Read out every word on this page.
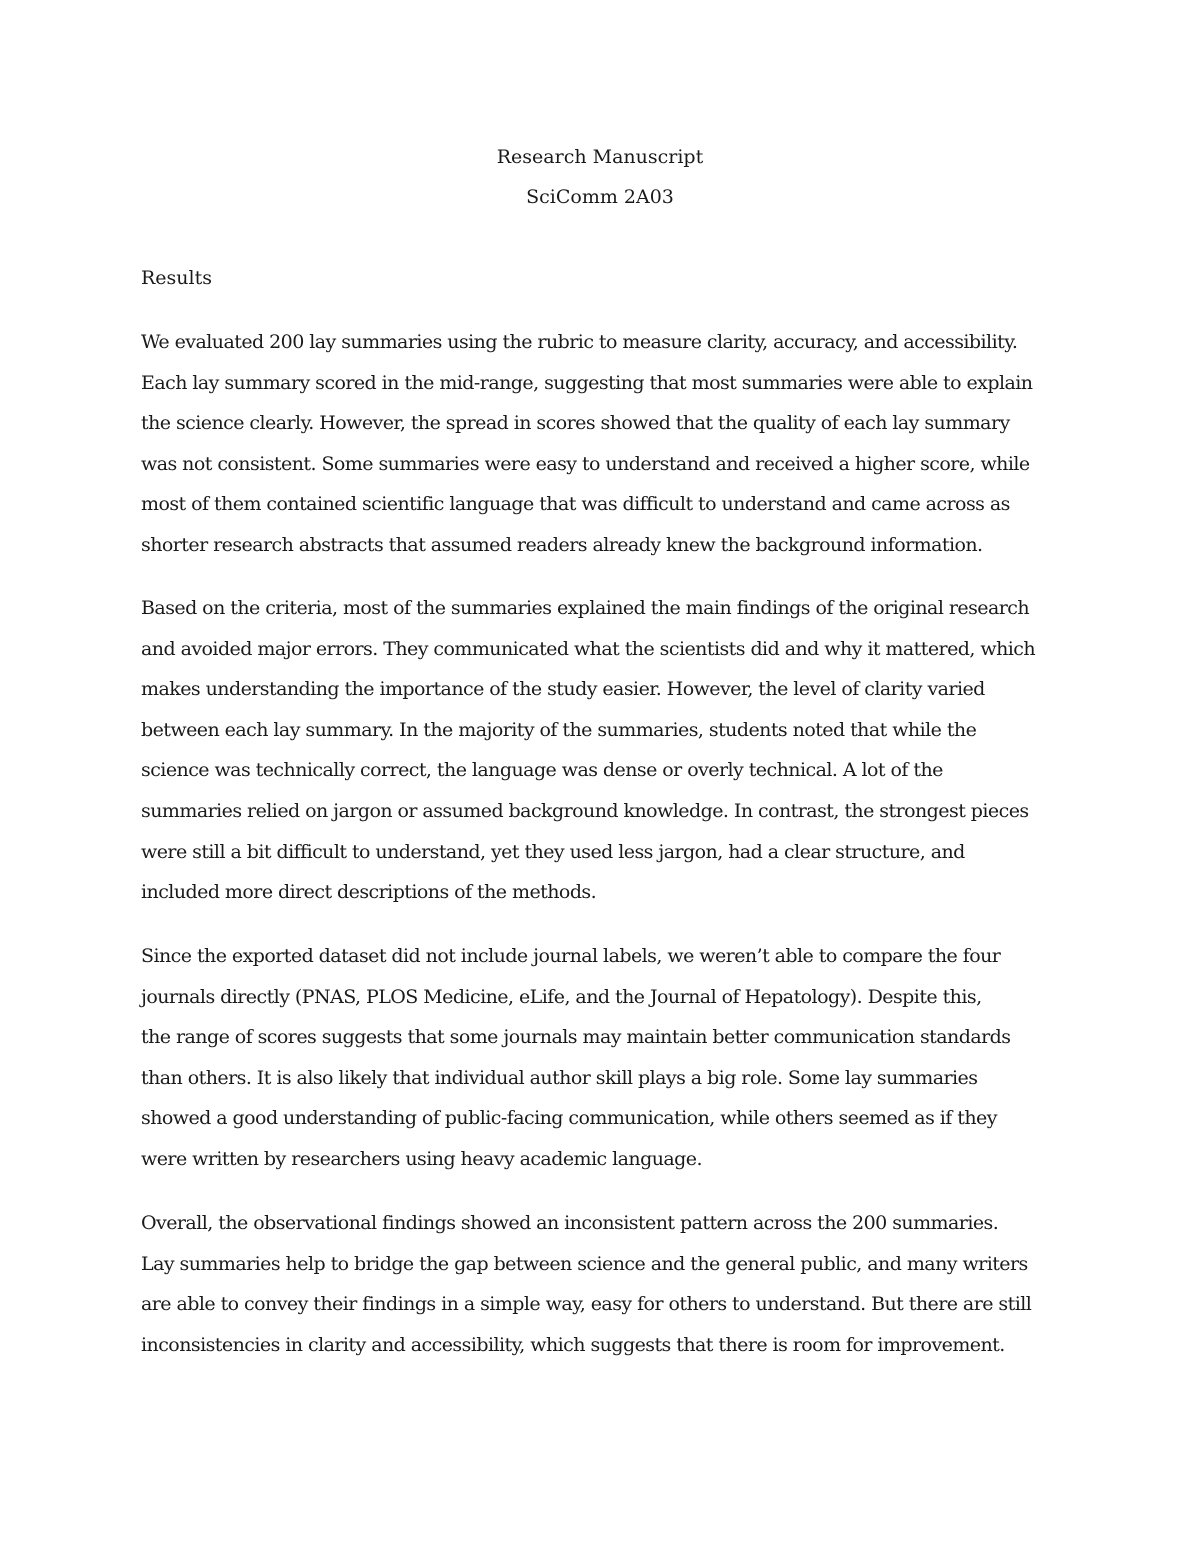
Research Manuscript
SciComm 2A03
Results
We evaluated 200 lay summaries using the rubric to measure clarity, accuracy, and accessibility.
Each lay summary scored in the mid-range, suggesting that most summaries were able to explain
the science clearly. However, the spread in scores showed that the quality of each lay summary
was not consistent. Some summaries were easy to understand and received a higher score, while
most of them contained scientific language that was difficult to understand and came across as
shorter research abstracts that assumed readers already knew the background information.
Based on the criteria, most of the summaries explained the main findings of the original research
and avoided major errors. They communicated what the scientists did and why it mattered, which
makes understanding the importance of the study easier. However, the level of clarity varied
between each lay summary. In the majority of the summaries, students noted that while the
science was technically correct, the language was dense or overly technical. A lot of the
summaries relied on jargon or assumed background knowledge. In contrast, the strongest pieces
were still a bit difficult to understand, yet they used less jargon, had a clear structure, and
included more direct descriptions of the methods.
Since the exported dataset did not include journal labels, we weren’t able to compare the four
journals directly (PNAS, PLOS Medicine, eLife, and the Journal of Hepatology). Despite this,
the range of scores suggests that some journals may maintain better communication standards
than others. It is also likely that individual author skill plays a big role. Some lay summaries
showed a good understanding of public-facing communication, while others seemed as if they
were written by researchers using heavy academic language.
Overall, the observational findings showed an inconsistent pattern across the 200 summaries.
Lay summaries help to bridge the gap between science and the general public, and many writers
are able to convey their findings in a simple way, easy for others to understand. But there are still
inconsistencies in clarity and accessibility, which suggests that there is room for improvement.
